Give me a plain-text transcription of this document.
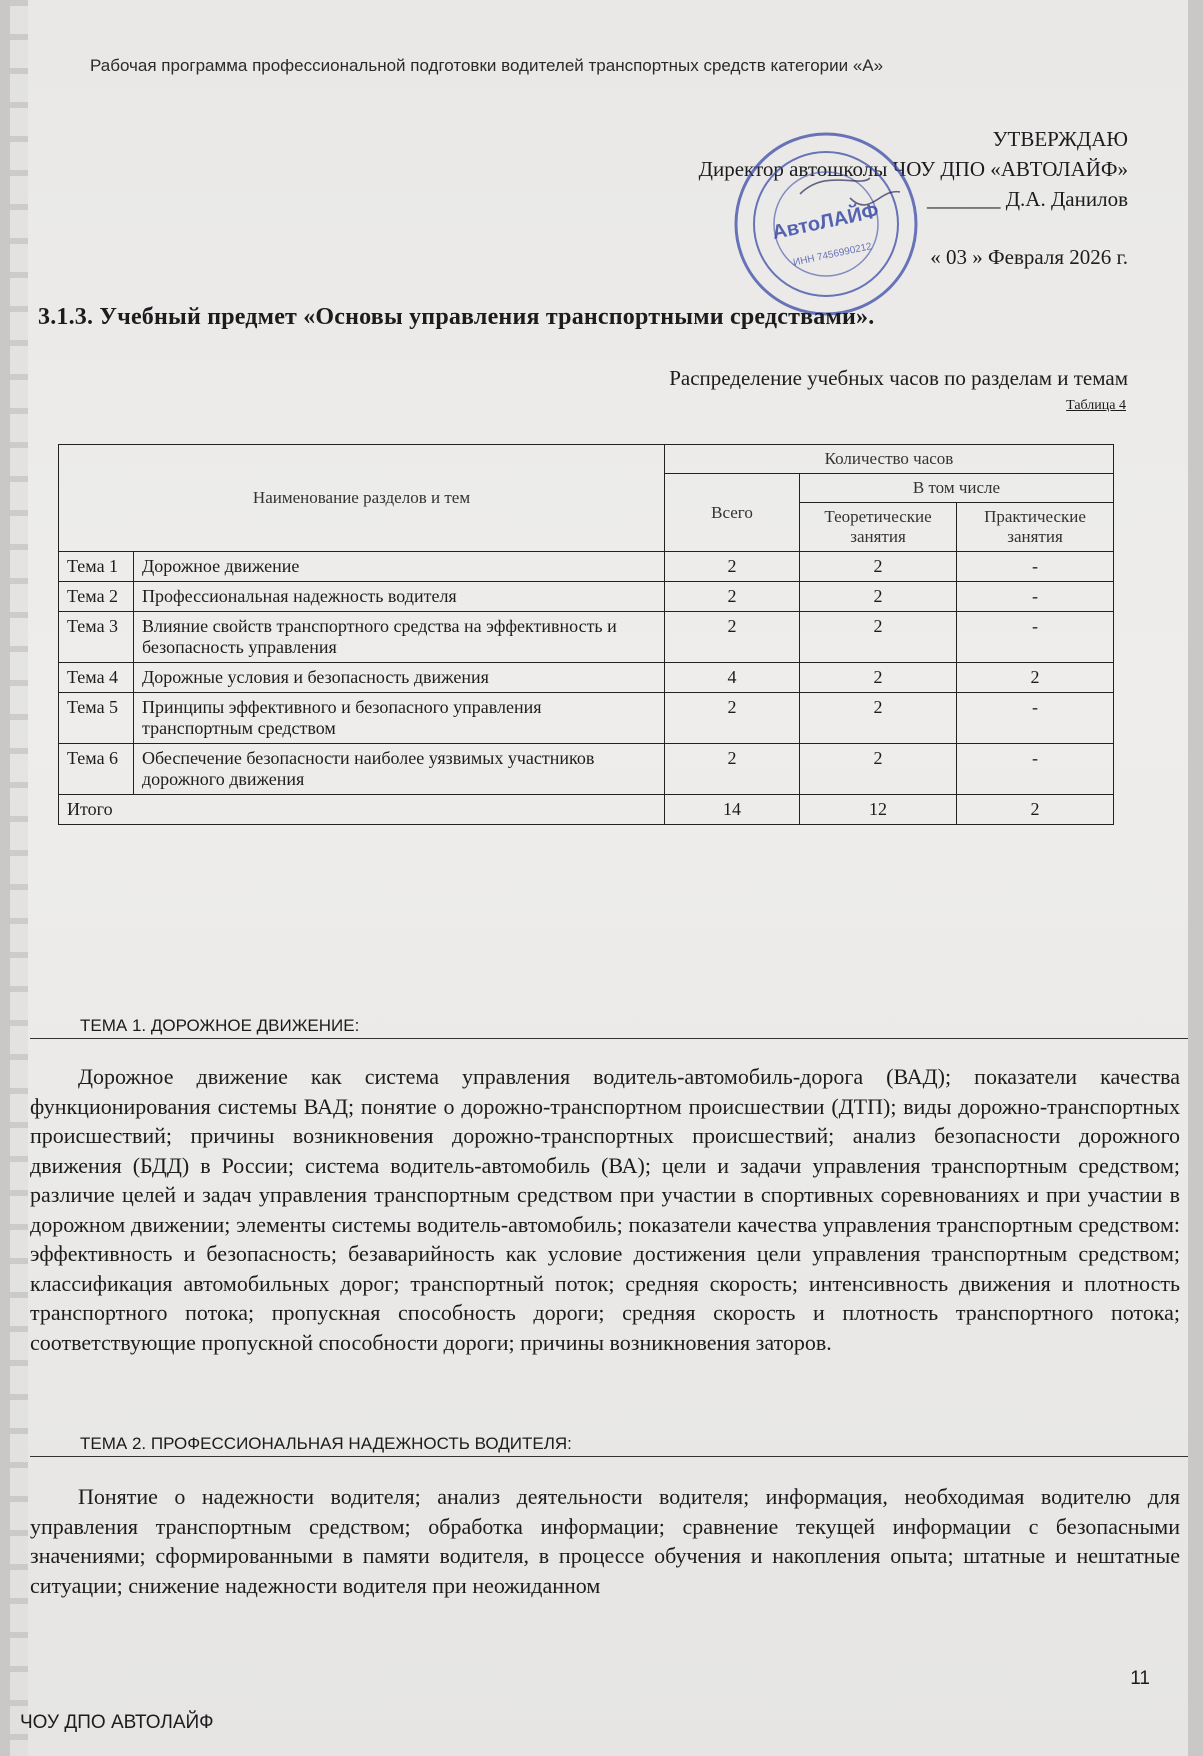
Рабочая программа профессиональной подготовки водителей транспортных средств категории «А»
УТВЕРЖДАЮ
Директор автошколы ЧОУ ДПО «АВТОЛАЙФ»
_______ Д.А. Данилов
« 03 » Февраля 2026 г.
АвтоЛАЙФ
ИНН 7456990212
3.1.3. Учебный предмет «Основы управления транспортными средствами».
Распределение учебных часов по разделам и темам
Таблица 4
Наименование разделов и тем		Количество часов		
		Всего	В том числе	
			Теоретические занятия	Практические занятия
Тема 1	Дорожное движение	2	2	-
Тема 2	Профессиональная надежность водителя	2	2	-
Тема 3	Влияние свойств транспортного средства на эффективность и безопасность управления	2	2	-
Тема 4	Дорожные условия и безопасность движения	4	2	2
Тема 5	Принципы эффективного и безопасного управления транспортным средством	2	2	-
Тема 6	Обеспечение безопасности наиболее уязвимых участников дорожного движения	2	2	-
Итого		14	12	2
ТЕМА 1. ДОРОЖНОЕ ДВИЖЕНИЕ:
Дорожное движение как система управления водитель-автомобиль-дорога (ВАД); показатели качества функционирования системы ВАД; понятие о дорожно-транспортном происшествии (ДТП); виды дорожно-транспортных происшествий; причины возникновения дорожно-транспортных происшествий; анализ безопасности дорожного движения (БДД) в России; система водитель-автомобиль (ВА); цели и задачи управления транспортным средством; различие целей и задач управления транспортным средством при участии в спортивных соревнованиях и при участии в дорожном движении; элементы системы водитель-автомобиль; показатели качества управления транспортным средством: эффективность и безопасность; безаварийность как условие достижения цели управления транспортным средством; классификация автомобильных дорог; транспортный поток; средняя скорость; интенсивность движения и плотность транспортного потока; пропускная способность дороги; средняя скорость и плотность транспортного потока; соответствующие пропускной способности дороги; причины возникновения заторов.
ТЕМА 2. ПРОФЕССИОНАЛЬНАЯ НАДЕЖНОСТЬ ВОДИТЕЛЯ:
Понятие о надежности водителя; анализ деятельности водителя; информация, необходимая водителю для управления транспортным средством; обработка информации; сравнение текущей информации с безопасными значениями; сформированными в памяти водителя, в процессе обучения и накопления опыта; штатные и нештатные ситуации; снижение надежности водителя при неожиданном
11
ЧОУ ДПО АВТОЛАЙФ
